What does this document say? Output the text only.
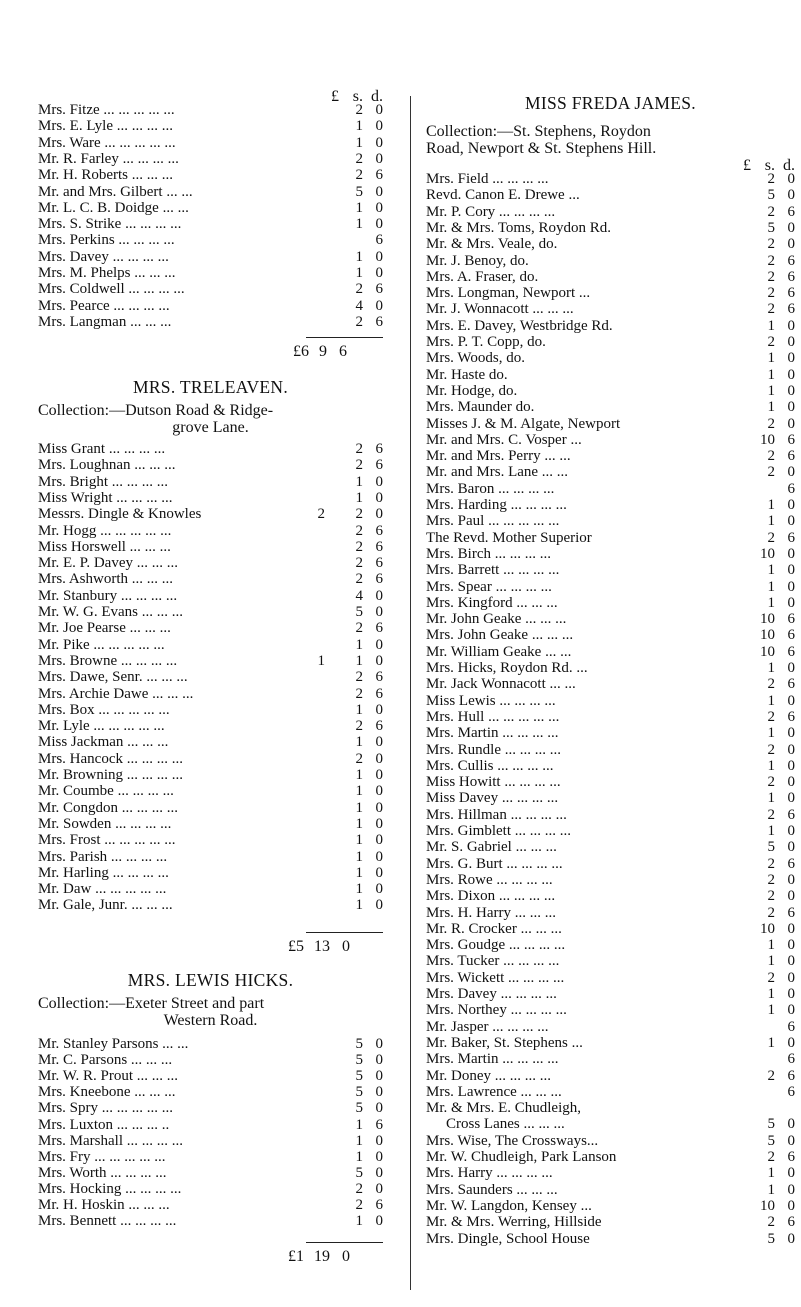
£ s. d.
Mrs. Fitze ... ... ... ... ...	2 0
Mrs. E. Lyle ... ... ... ...	1 0
Mrs. Ware ... ... ... ... ...	1 0
Mr. R. Farley ... ... ... ...	2 0
Mr. H. Roberts ... ... ...	2 6
Mr. and Mrs. Gilbert ... ...	5 0
Mr. L. C. B. Doidge ... ...	1 0
Mrs. S. Strike ... ... ... ...	1 0
Mrs. Perkins ... ... ... ...	6
Mrs. Davey ... ... ... ...	1 0
Mrs. M. Phelps ... ... ...	1 0
Mrs. Coldwell ... ... ... ...	2 6
Mrs. Pearce ... ... ... ...	4 0
Mrs. Langman ... ... ...	2 6
£6 9 6
MRS. TRELEAVEN.
Collection:—Dutson Road & Ridge-
grove Lane.
Miss Grant ... ... ... ...	2 6
Mrs. Loughnan ... ... ...	2 6
Mrs. Bright ... ... ... ...	1 0
Miss Wright ... ... ... ...	1 0
Messrs. Dingle & Knowles	2	2 0
Mr. Hogg ... ... ... ... ...	2 6
Miss Horswell ... ... ...	2 6
Mr. E. P. Davey ... ... ...	2 6
Mrs. Ashworth ... ... ...	2 6
Mr. Stanbury ... ... ... ...	4 0
Mr. W. G. Evans ... ... ...	5 0
Mr. Joe Pearse ... ... ...	2 6
Mr. Pike ... ... ... ... ...	1 0
Mrs. Browne ... ... ... ...	1	1 0
Mrs. Dawe, Senr. ... ... ...	2 6
Mrs. Archie Dawe ... ... ...	2 6
Mrs. Box ... ... ... ... ...	1 0
Mr. Lyle ... ... ... ... ...	2 6
Miss Jackman ... ... ...	1 0
Mrs. Hancock ... ... ... ...	2 0
Mr. Browning ... ... ... ...	1 0
Mr. Coumbe ... ... ... ...	1 0
Mr. Congdon ... ... ... ...	1 0
Mr. Sowden ... ... ... ...	1 0
Mrs. Frost ... ... ... ... ...	1 0
Mrs. Parish ... ... ... ...	1 0
Mr. Harling ... ... ... ...	1 0
Mr. Daw ... ... ... ... ...	1 0
Mr. Gale, Junr. ... ... ...	1 0
£5 13 0
MRS. LEWIS HICKS.
Collection:—Exeter Street and part
Western Road.
Mr. Stanley Parsons ... ...	5 0
Mr. C. Parsons ... ... ...	5 0
Mr. W. R. Prout ... ... ...	5 0
Mrs. Kneebone ... ... ...	5 0
Mrs. Spry ... ... ... ... ...	5 0
Mrs. Luxton ... ... ... ..	1 6
Mrs. Marshall ... ... ... ...	1 0
Mrs. Fry ... ... ... ... ...	1 0
Mrs. Worth ... ... ... ...	5 0
Mrs. Hocking ... ... ... ...	2 0
Mr. H. Hoskin ... ... ...	2 6
Mrs. Bennett ... ... ... ...	1 0
£1 19 0
MISS FREDA JAMES.
Collection:—St. Stephens, Roydon
Road, Newport & St. Stephens Hill.
£ s. d.
Mrs. Field ... ... ... ...	2 0
Revd. Canon E. Drewe ...	5 0
Mr. P. Cory ... ... ... ...	2 6
Mr. & Mrs. Toms, Roydon Rd.	5 0
Mr. & Mrs. Veale, do.	2 0
Mr. J. Benoy, do.	2 6
Mrs. A. Fraser, do.	2 6
Mrs. Longman, Newport ...	2 6
Mr. J. Wonnacott ... ... ...	2 6
Mrs. E. Davey, Westbridge Rd.	1 0
Mrs. P. T. Copp, do.	2 0
Mrs. Woods, do.	1 0
Mr. Haste do.	1 0
Mr. Hodge, do.	1 0
Mrs. Maunder do.	1 0
Misses J. & M. Algate, Newport	2 0
Mr. and Mrs. C. Vosper ...	10 6
Mr. and Mrs. Perry ... ...	2 6
Mr. and Mrs. Lane ... ...	2 0
Mrs. Baron ... ... ... ...	6
Mrs. Harding ... ... ... ...	1 0
Mrs. Paul ... ... ... ... ...	1 0
The Revd. Mother Superior	2 6
Mrs. Birch ... ... ... ...	10 0
Mrs. Barrett ... ... ... ...	1 0
Mrs. Spear ... ... ... ...	1 0
Mrs. Kingford ... ... ...	1 0
Mr. John Geake ... ... ...	10 6
Mrs. John Geake ... ... ...	10 6
Mr. William Geake ... ...	10 6
Mrs. Hicks, Roydon Rd. ...	1 0
Mr. Jack Wonnacott ... ...	2 6
Miss Lewis ... ... ... ...	1 0
Mrs. Hull ... ... ... ... ...	2 6
Mrs. Martin ... ... ... ...	1 0
Mrs. Rundle ... ... ... ...	2 0
Mrs. Cullis ... ... ... ...	1 0
Miss Howitt ... ... ... ...	2 0
Miss Davey ... ... ... ...	1 0
Mrs. Hillman ... ... ... ...	2 6
Mrs. Gimblett ... ... ... ...	1 0
Mr. S. Gabriel ... ... ...	5 0
Mrs. G. Burt ... ... ... ...	2 6
Mrs. Rowe ... ... ... ...	2 0
Mrs. Dixon ... ... ... ...	2 0
Mrs. H. Harry ... ... ...	2 6
Mr. R. Crocker ... ... ...	10 0
Mrs. Goudge ... ... ... ...	1 0
Mrs. Tucker ... ... ... ...	1 0
Mrs. Wickett ... ... ... ...	2 0
Mrs. Davey ... ... ... ...	1 0
Mrs. Northey ... ... ... ...	1 0
Mr. Jasper ... ... ... ...	6
Mr. Baker, St. Stephens ...	1 0
Mrs. Martin ... ... ... ...	6
Mr. Doney ... ... ... ...	2 6
Mrs. Lawrence ... ... ...	6
Mr. & Mrs. E. Chudleigh,
Cross Lanes ... ... ...	5 0
Mrs. Wise, The Crossways...	5 0
Mr. W. Chudleigh, Park Lanson	2 6
Mrs. Harry ... ... ... ...	1 0
Mrs. Saunders ... ... ...	1 0
Mr. W. Langdon, Kensey ...	10 0
Mr. & Mrs. Werring, Hillside	2 6
Mrs. Dingle, School House	5 0
